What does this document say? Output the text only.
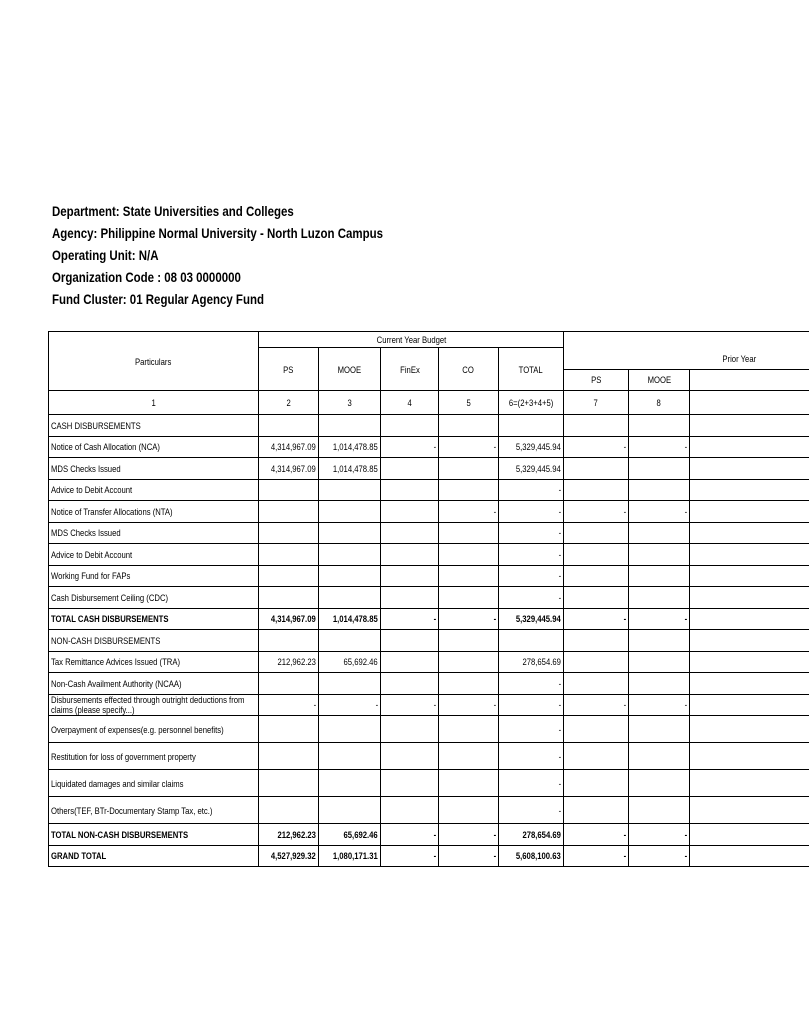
Department: State Universities and Colleges
Agency: Philippine Normal University - North Luzon Campus
Operating Unit: N/A
Organization Code : 08 03 0000000
Fund Cluster: 01 Regular Agency Fund
Particulars	Current Year Budget							
	PS	MOOE	FinEx	CO	TOTAL	Prior Year		
						PS	MOOE	
1	2	3	4	5	6=(2+3+4+5)	7	8	
CASH DISBURSEMENTS								
Notice of Cash Allocation (NCA)	4,314,967.09	1,014,478.85	-	-	5,329,445.94	-	-	
MDS Checks Issued	4,314,967.09	1,014,478.85			5,329,445.94			
Advice to Debit Account					-			
Notice of Transfer Allocations (NTA)				-	-	-	-	
MDS Checks Issued					-			
Advice to Debit Account					-			
Working Fund for FAPs					-			
Cash Disbursement Ceiling (CDC)					-			
TOTAL CASH DISBURSEMENTS	4,314,967.09	1,014,478.85	-	-	5,329,445.94	-	-	
NON-CASH DISBURSEMENTS								
Tax Remittance Advices Issued (TRA)	212,962.23	65,692.46			278,654.69			
Non-Cash Availment Authority (NCAA)					-			
Disbursements effected through outright deductions from claims (please specify...)	-	-	-	-	-	-	-	
Overpayment of expenses(e.g. personnel benefits)					-			
Restitution for loss of government property					-			
Liquidated damages and similar claims					-			
Others(TEF, BTr-Documentary Stamp Tax, etc.)					-			
TOTAL NON-CASH DISBURSEMENTS	212,962.23	65,692.46	-	-	278,654.69	-	-	
GRAND TOTAL	4,527,929.32	1,080,171.31	-	-	5,608,100.63	-	-	
